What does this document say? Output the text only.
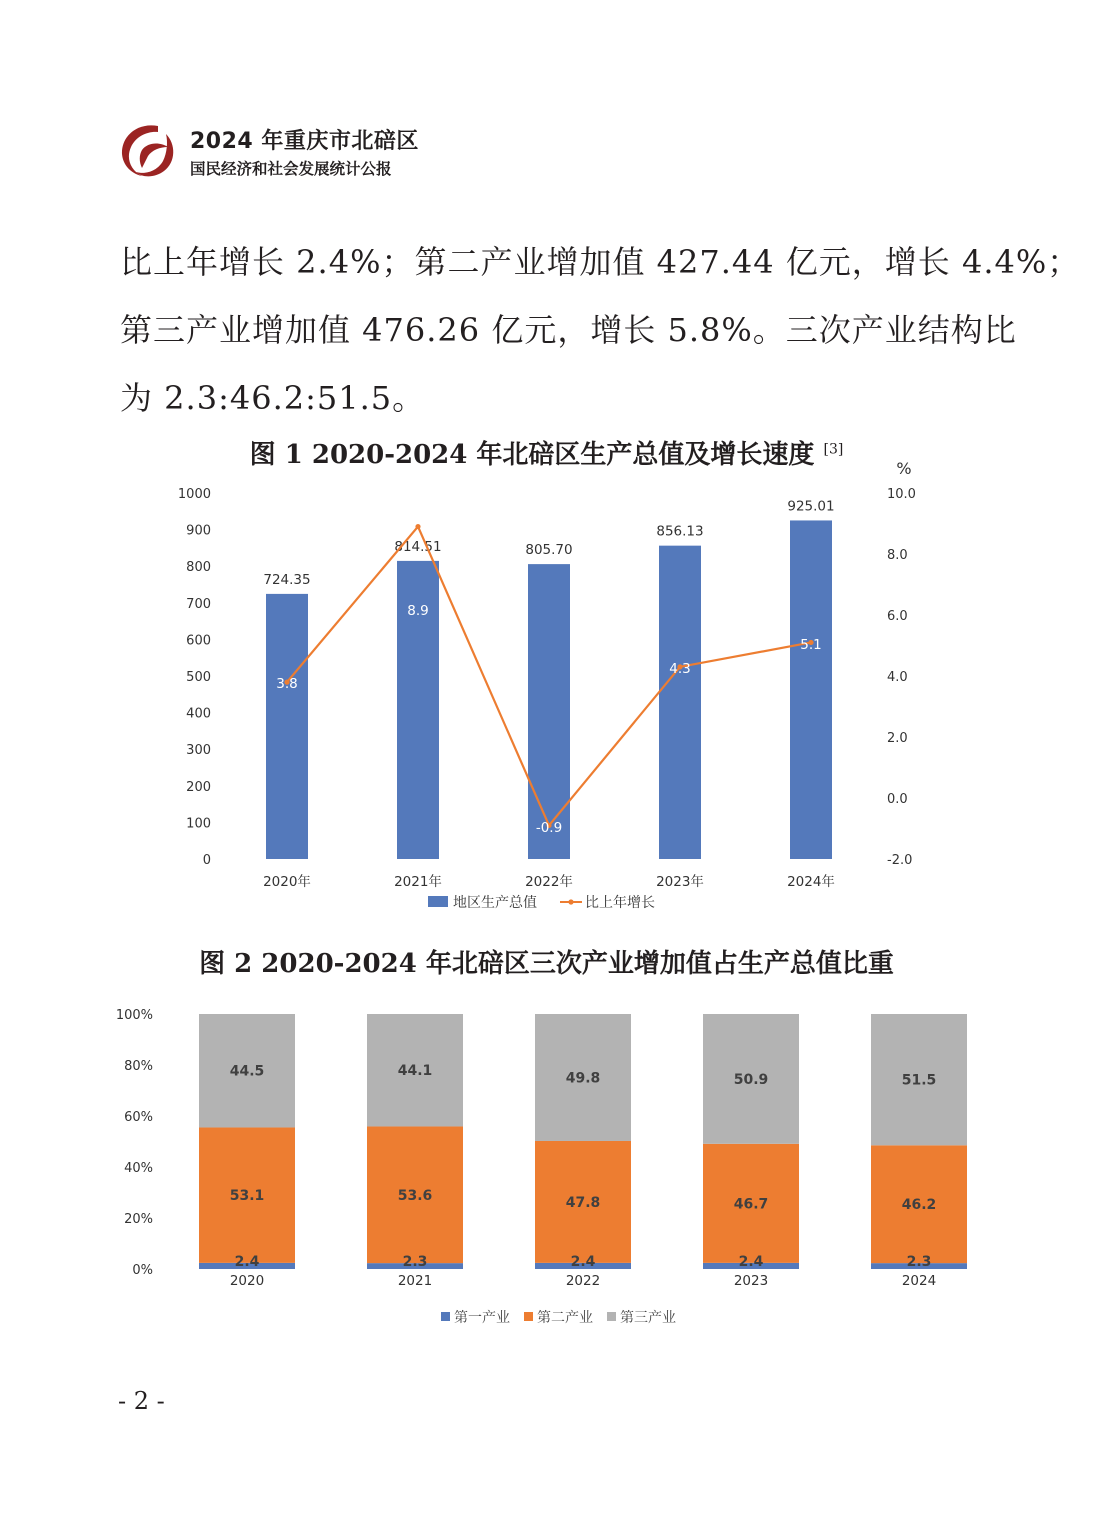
2024 年重庆市北碚区
国民经济和社会发展统计公报

比上年增长 2.4%；第二产业增加值 427.44 亿元，增长 4.4%；

第三产业增加值 476.26 亿元，增长 5.8%。三次产业结构比

为 2.3:46.2:51.5。

图 1 2020-2024 年北碚区生产总值及增长速度 [3]
1000
900
800
700
600
500
400
300
200
100
0
10.0
8.0
6.0
4.0
2.0
0.0
-2.0
%
724.35
814.51	805.70
856.13
925.01
3.8
8.9
-0.9
4.3
5.1
2020年	2021年	2022年	2023年	2024年
地区生产总值	比上年增长
图 2 2020-2024 年北碚区三次产业增加值占生产总值比重
100%
80%
60%
40%
20%
0%
2.4
53.1
44.5
2020
2.3
53.6
44.1
2021
2.4
47.8
49.8
2022
2.4
46.7
50.9
2023
2.3
46.2
51.5
2024
第一产业 第二产业 第三产业
- 2 -
